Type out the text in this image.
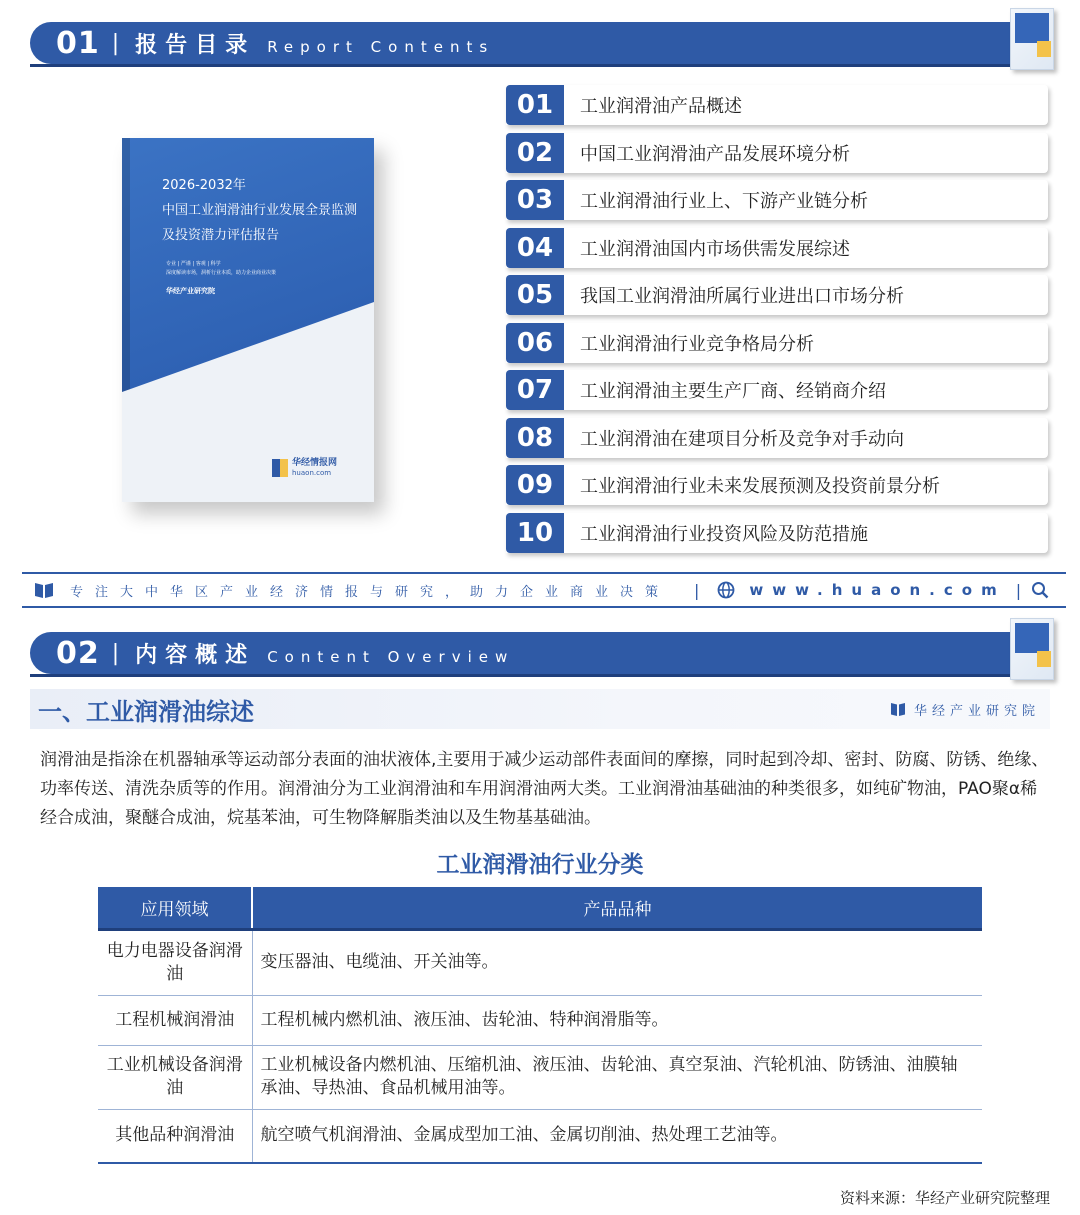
01 | 报告目录 Report Contents
2026-2032年
中国工业润滑油行业发展全景监测及投资潜力评估报告
专业 | 严谨 | 客观 | 科学
深度解读市场，洞析行业本质，助力企业商业决策
华经产业研究院
华经情报网
huaon.com
01	工业润滑油产品概述
02	中国工业润滑油产品发展环境分析
03	工业润滑油行业上、下游产业链分析
04	工业润滑油国内市场供需发展综述
05	我国工业润滑油所属行业进出口市场分析
06	工业润滑油行业竞争格局分析
07	工业润滑油主要生产厂商、经销商介绍
08	工业润滑油在建项目分析及竞争对手动向
09	工业润滑油行业未来发展预测及投资前景分析
10	工业润滑油行业投资风险及防范措施
专注大中华区产业经济情报与研究，助力企业商业决策 |	www.huaon.com |
02 | 内容概述 Content Overview
一、工业润滑油综述	华经产业研究院
润滑油是指涂在机器轴承等运动部分表面的油状液体,主要用于减少运动部件表面间的摩擦，同时起到冷却、密封、防腐、防锈、绝缘、功率传送、清洗杂质等的作用。润滑油分为工业润滑油和车用润滑油两大类。工业润滑油基础油的种类很多，如纯矿物油，PAO聚α稀经合成油，聚醚合成油，烷基苯油，可生物降解脂类油以及生物基基础油。
工业润滑油行业分类
应用领域	产品品种
电力电器设备润滑油	变压器油、电缆油、开关油等。
工程机械润滑油	工程机械内燃机油、液压油、齿轮油、特种润滑脂等。
工业机械设备润滑油	工业机械设备内燃机油、压缩机油、液压油、齿轮油、真空泵油、汽轮机油、防锈油、油膜轴承油、导热油、食品机械用油等。
其他品种润滑油	航空喷气机润滑油、金属成型加工油、金属切削油、热处理工艺油等。
资料来源：华经产业研究院整理
